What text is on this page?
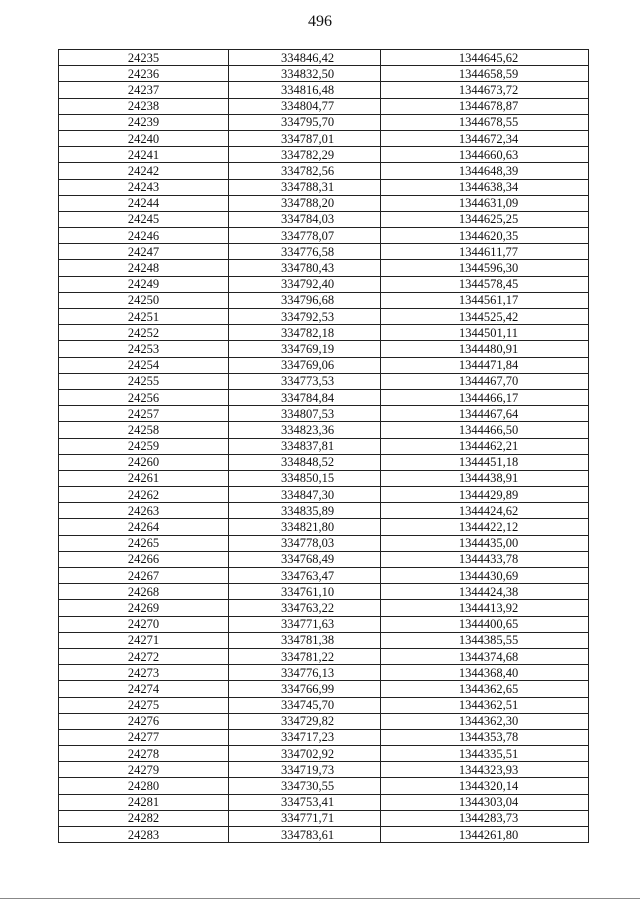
496
24235	334846,42	1344645,62
24236	334832,50	1344658,59
24237	334816,48	1344673,72
24238	334804,77	1344678,87
24239	334795,70	1344678,55
24240	334787,01	1344672,34
24241	334782,29	1344660,63
24242	334782,56	1344648,39
24243	334788,31	1344638,34
24244	334788,20	1344631,09
24245	334784,03	1344625,25
24246	334778,07	1344620,35
24247	334776,58	1344611,77
24248	334780,43	1344596,30
24249	334792,40	1344578,45
24250	334796,68	1344561,17
24251	334792,53	1344525,42
24252	334782,18	1344501,11
24253	334769,19	1344480,91
24254	334769,06	1344471,84
24255	334773,53	1344467,70
24256	334784,84	1344466,17
24257	334807,53	1344467,64
24258	334823,36	1344466,50
24259	334837,81	1344462,21
24260	334848,52	1344451,18
24261	334850,15	1344438,91
24262	334847,30	1344429,89
24263	334835,89	1344424,62
24264	334821,80	1344422,12
24265	334778,03	1344435,00
24266	334768,49	1344433,78
24267	334763,47	1344430,69
24268	334761,10	1344424,38
24269	334763,22	1344413,92
24270	334771,63	1344400,65
24271	334781,38	1344385,55
24272	334781,22	1344374,68
24273	334776,13	1344368,40
24274	334766,99	1344362,65
24275	334745,70	1344362,51
24276	334729,82	1344362,30
24277	334717,23	1344353,78
24278	334702,92	1344335,51
24279	334719,73	1344323,93
24280	334730,55	1344320,14
24281	334753,41	1344303,04
24282	334771,71	1344283,73
24283	334783,61	1344261,80
